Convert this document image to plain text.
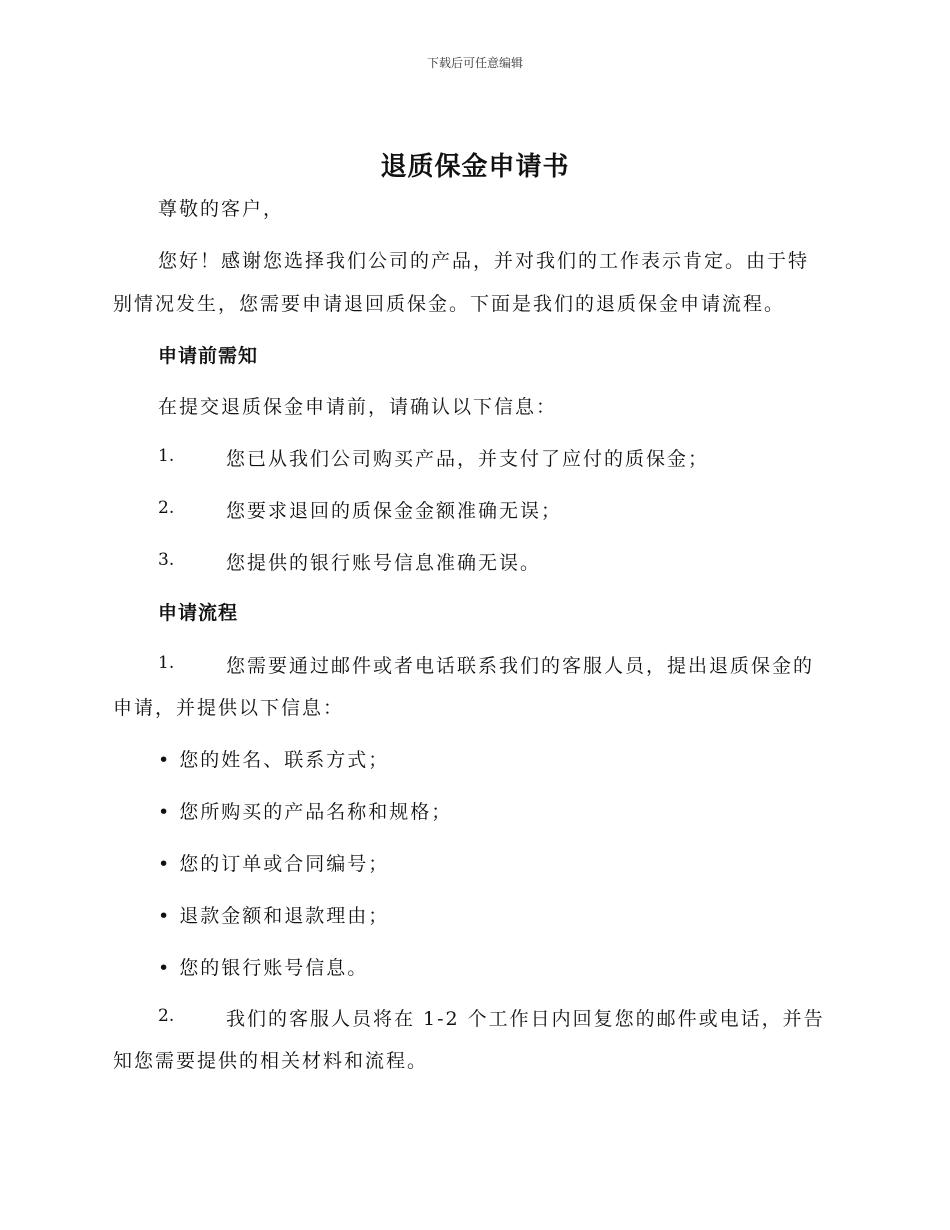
下载后可任意编辑
退质保金申请书
尊敬的客户，
您好！感谢您选择我们公司的产品，并对我们的工作表示肯定。由于特
别情况发生，您需要申请退回质保金。下面是我们的退质保金申请流程。
申请前需知
在提交退质保金申请前，请确认以下信息：
1.	您已从我们公司购买产品，并支付了应付的质保金；
2.	您要求退回的质保金金额准确无误；
3.	您提供的银行账号信息准确无误。
申请流程
1.	您需要通过邮件或者电话联系我们的客服人员，提出退质保金的
申请，并提供以下信息：
• 您的姓名、联系方式；
• 您所购买的产品名称和规格；
• 您的订单或合同编号；
• 退款金额和退款理由；
• 您的银行账号信息。
2.	我们的客服人员将在 1-2 个工作日内回复您的邮件或电话，并告
知您需要提供的相关材料和流程。
